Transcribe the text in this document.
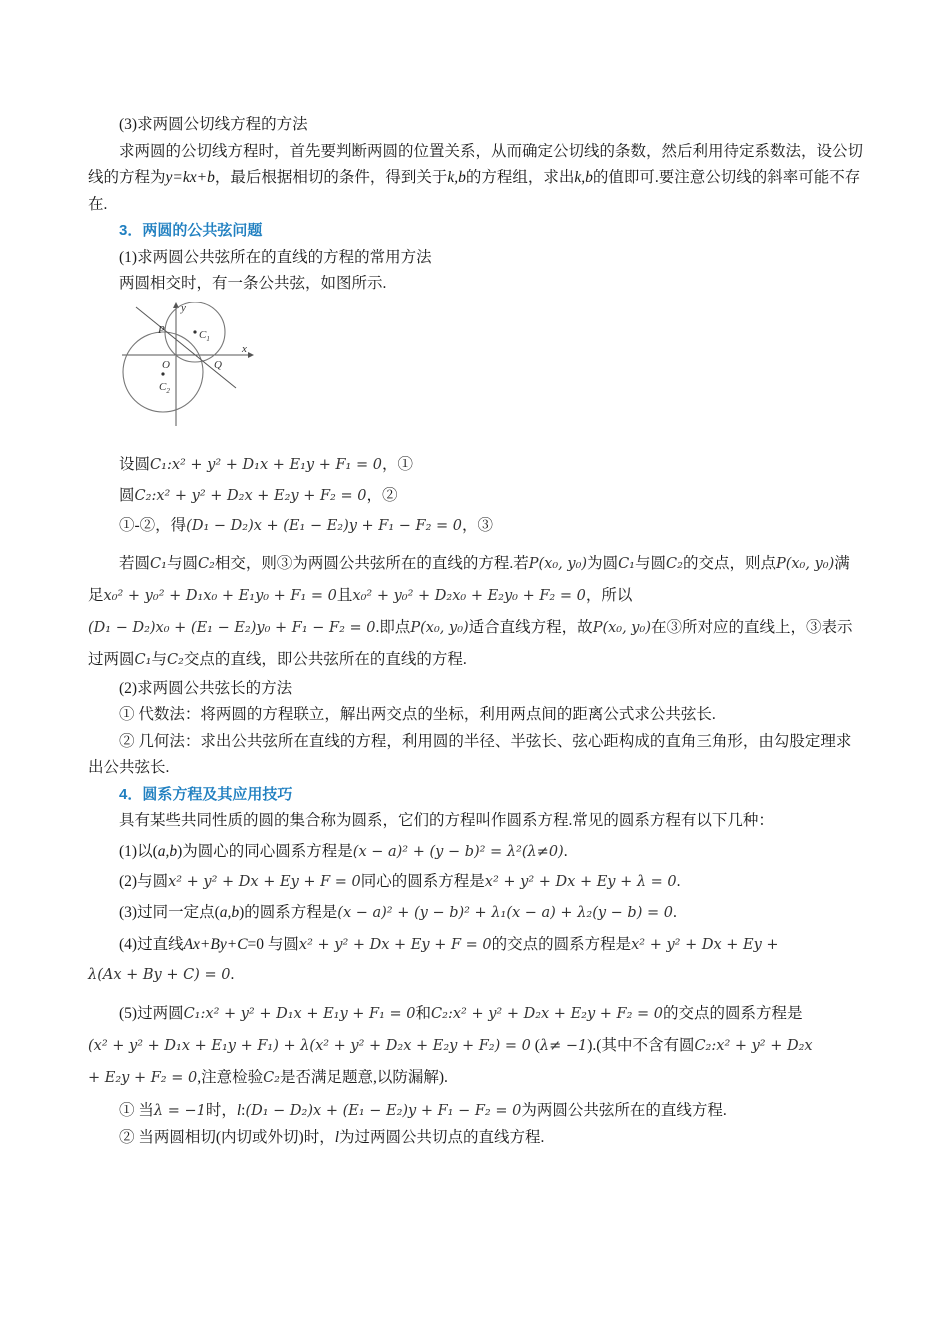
(3)求两圆公切线方程的方法

求两圆的公切线方程时，首先要判断两圆的位置关系，从而确定公切线的条数，然后利用待定系数法，设公切线的方程为y=kx+b，最后根据相切的条件，得到关于k,b的方程组，求出k,b的值即可.要注意公切线的斜率可能不存在.

3．两圆的公共弦问题

(1)求两圆公共弦所在的直线的方程的常用方法

两圆相交时，有一条公共弦，如图所示.

y
x
P
O	Q
$C_1$
$C_2$

设圆C₁:x² + y² + D₁x + E₁y + F₁ = 0，①

圆C₂:x² + y² + D₂x + E₂y + F₂ = 0，②

①-②，得(D₁ − D₂)x + (E₁ − E₂)y + F₁ − F₂ = 0，③

若圆C₁与圆C₂相交，则③为两圆公共弦所在的直线的方程.若P(x₀, y₀)为圆C₁与圆C₂的交点，则点P(x₀, y₀)满足x₀² + y₀² + D₁x₀ + E₁y₀ + F₁ = 0且x₀² + y₀² + D₂x₀ + E₂y₀ + F₂ = 0，所以 (D₁ − D₂)x₀ + (E₁ − E₂)y₀ + F₁ − F₂ = 0.即点P(x₀, y₀)适合直线方程，故P(x₀, y₀)在③所对应的直线上，③表示过两圆C₁与C₂交点的直线，即公共弦所在的直线的方程.

(2)求两圆公共弦长的方法

① 代数法：将两圆的方程联立，解出两交点的坐标，利用两点间的距离公式求公共弦长.

② 几何法：求出公共弦所在直线的方程，利用圆的半径、半弦长、弦心距构成的直角三角形，由勾股定理求出公共弦长.

4．圆系方程及其应用技巧

具有某些共同性质的圆的集合称为圆系，它们的方程叫作圆系方程.常见的圆系方程有以下几种：

(1)以(a,b)为圆心的同心圆系方程是(x − a)² + (y − b)² = λ²(λ≠0).

(2)与圆x² + y² + Dx + Ey + F = 0同心的圆系方程是x² + y² + Dx + Ey + λ = 0.

(3)过同一定点(a,b)的圆系方程是(x − a)² + (y − b)² + λ₁(x − a) + λ₂(y − b) = 0.

(4)过直线Ax+By+C=0 与圆x² + y² + Dx + Ey + F = 0的交点的圆系方程是x² + y² + Dx + Ey + λ(Ax + By + C) = 0.

(5)过两圆C₁:x² + y² + D₁x + E₁y + F₁ = 0和C₂:x² + y² + D₂x + E₂y + F₂ = 0的交点的圆系方程是 (x² + y² + D₁x + E₁y + F₁) + λ(x² + y² + D₂x + E₂y + F₂) = 0 (λ≠ −1).(其中不含有圆C₂:x² + y² + D₂x + E₂y + F₂ = 0,注意检验C₂是否满足题意,以防漏解).

① 当λ = −1时，l:(D₁ − D₂)x + (E₁ − E₂)y + F₁ − F₂ = 0为两圆公共弦所在的直线方程.

② 当两圆相切(内切或外切)时，l为过两圆公共切点的直线方程.
